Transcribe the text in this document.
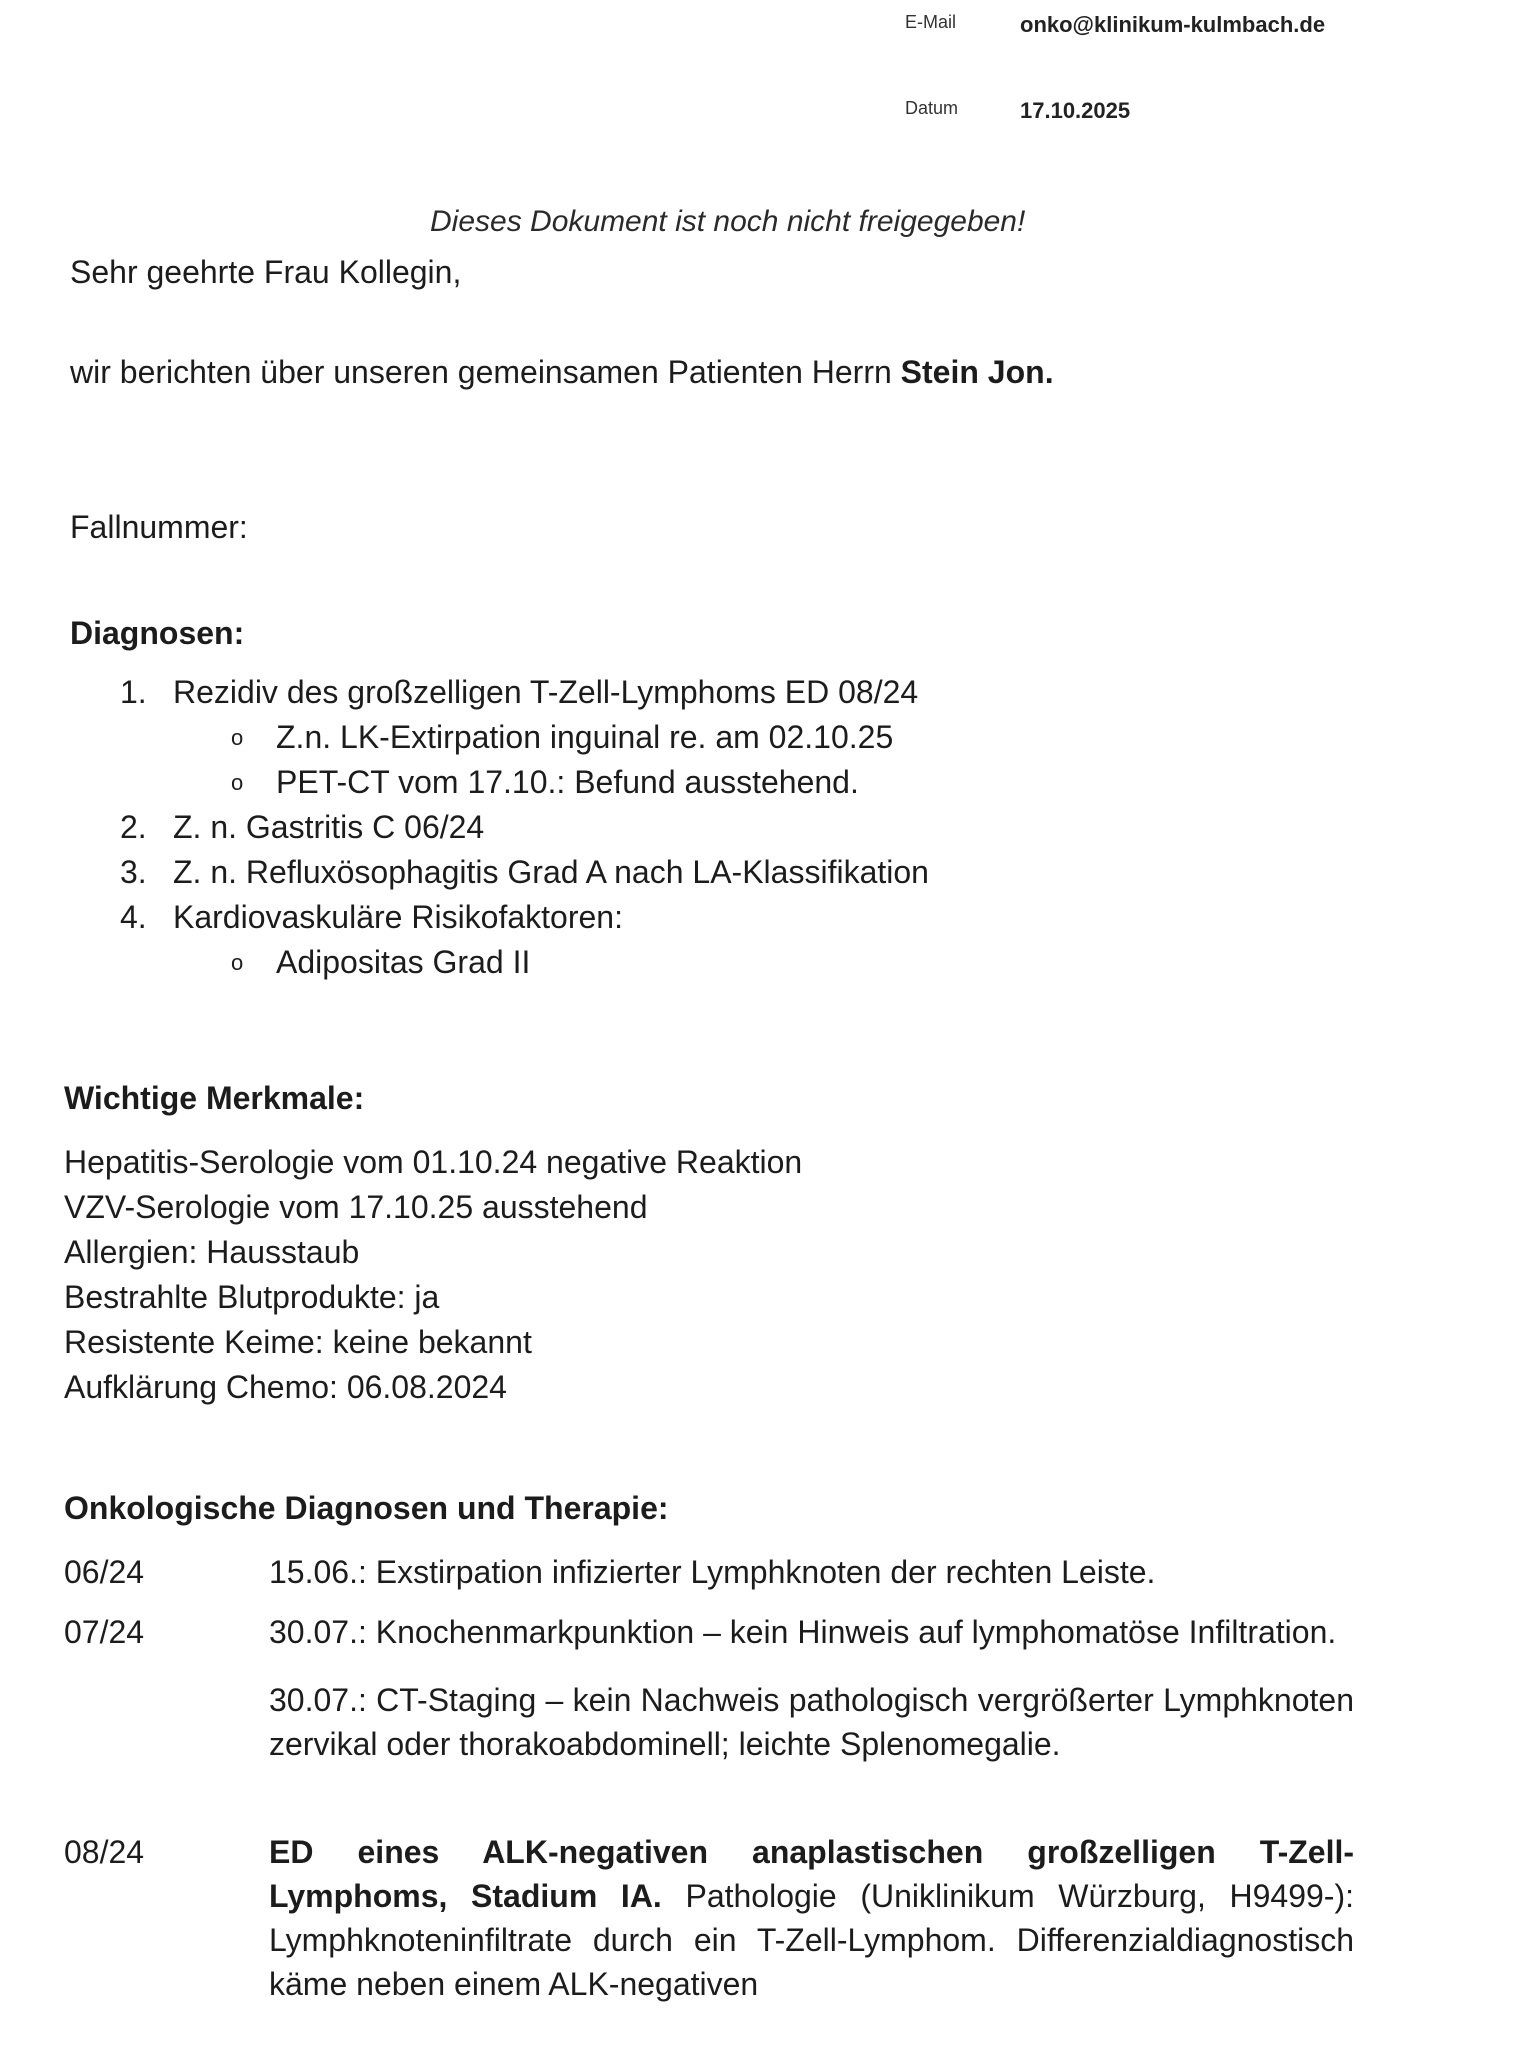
E-Mail	onko@klinikum-kulmbach.de
Datum	17.10.2025
Dieses Dokument ist noch nicht freigegeben!
Sehr geehrte Frau Kollegin,
wir berichten über unseren gemeinsamen Patienten Herrn Stein Jon.
Fallnummer:
Diagnosen:
1. Rezidiv des großzelligen T-Zell-Lymphoms ED 08/24
o Z.n. LK-Extirpation inguinal re. am 02.10.25
o PET-CT vom 17.10.: Befund ausstehend.
2. Z. n. Gastritis C 06/24
3. Z. n. Refluxösophagitis Grad A nach LA-Klassifikation
4. Kardiovaskuläre Risikofaktoren:
o Adipositas Grad II
Wichtige Merkmale:
Hepatitis-Serologie vom 01.10.24 negative Reaktion
VZV-Serologie vom 17.10.25 ausstehend
Allergien: Hausstaub
Bestrahlte Blutprodukte: ja
Resistente Keime: keine bekannt
Aufklärung Chemo: 06.08.2024
Onkologische Diagnosen und Therapie:
06/24	15.06.: Exstirpation infizierter Lymphknoten der rechten Leiste.
07/24	30.07.: Knochenmarkpunktion – kein Hinweis auf lymphomatöse Infiltration.
30.07.: CT-Staging – kein Nachweis pathologisch vergrößerter Lymphknoten zervikal oder thorakoabdominell; leichte Splenomegalie.
08/24	ED eines ALK-negativen anaplastischen großzelligen T-Zell-Lymphoms, Stadium IA. Pathologie (Uniklinikum Würzburg, H9499-): Lymphknoteninfiltrate durch ein T-Zell-Lymphom. Differenzialdiagnostisch käme neben einem ALK-negativen
